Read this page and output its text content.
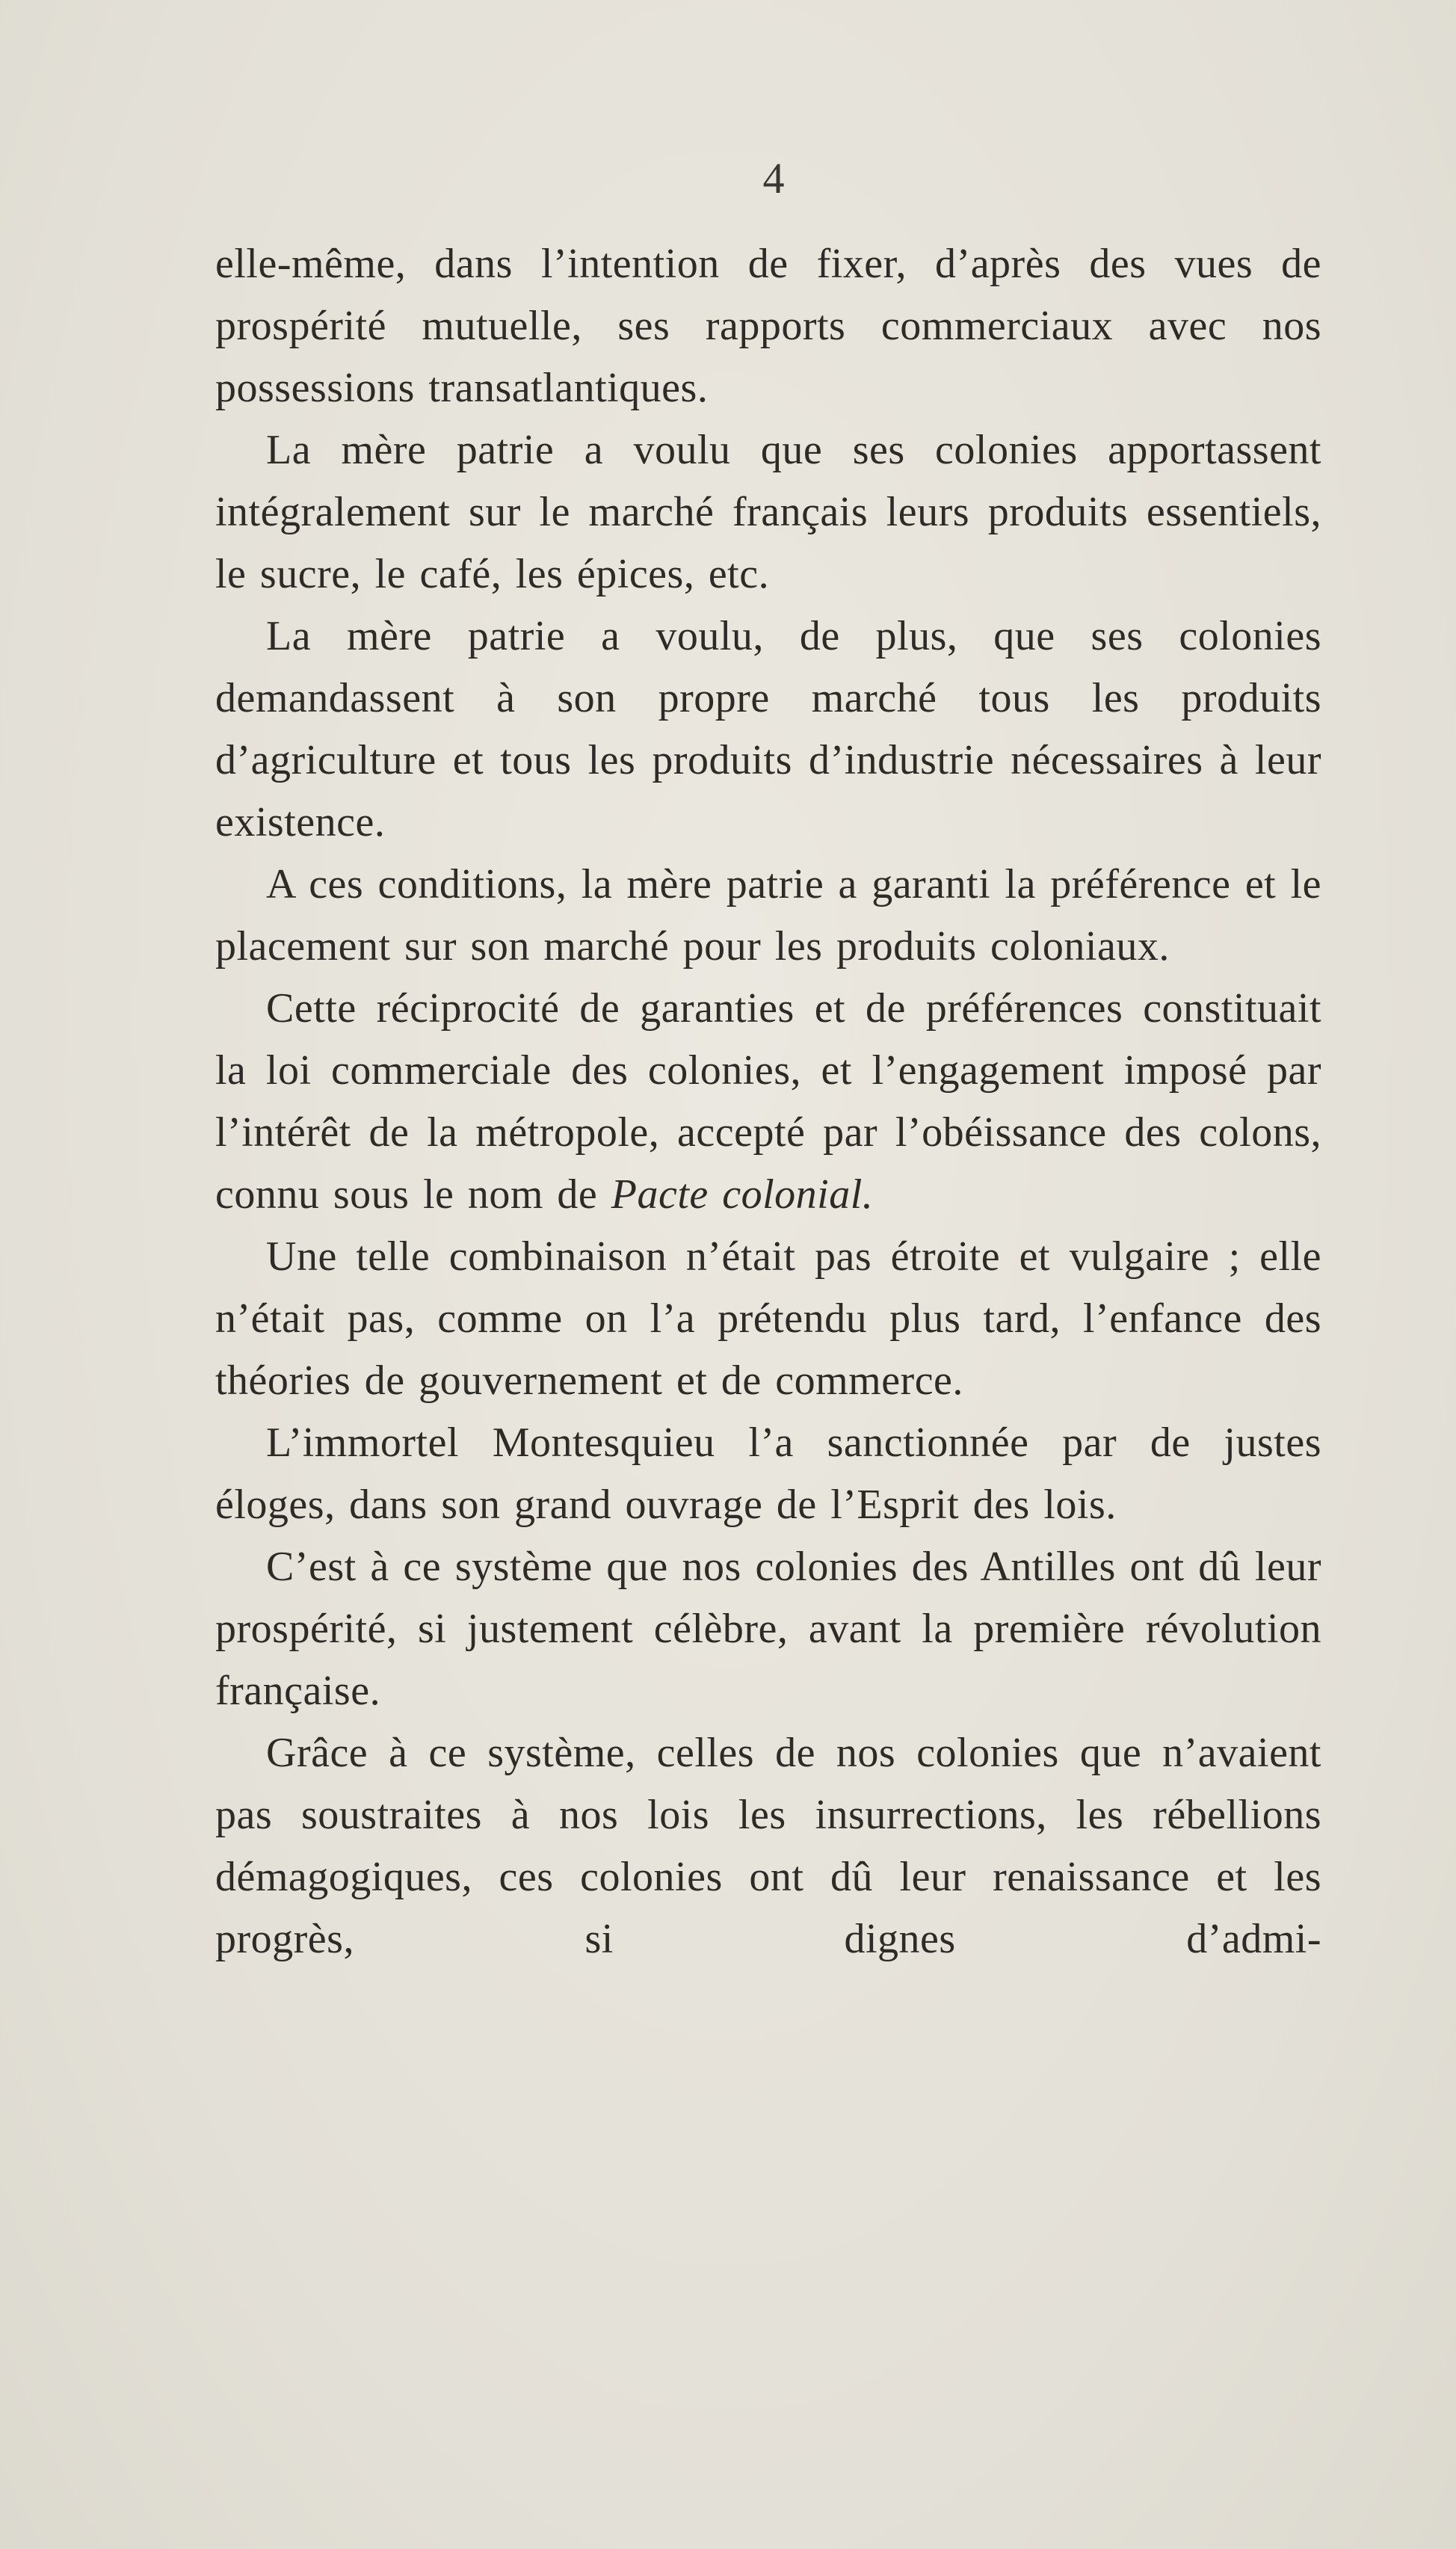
4

elle-même, dans l’intention de fixer, d’après des vues de prospérité mutuelle, ses rapports commerciaux avec nos possessions transatlantiques.

La mère patrie a voulu que ses colonies apportassent intégralement sur le marché français leurs produits essentiels, le sucre, le café, les épices, etc.

La mère patrie a voulu, de plus, que ses colonies demandassent à son propre marché tous les produits d’agriculture et tous les produits d’industrie nécessaires à leur existence.

A ces conditions, la mère patrie a garanti la préférence et le placement sur son marché pour les produits coloniaux.

Cette réciprocité de garanties et de préférences constituait la loi commerciale des colonies, et l’engagement imposé par l’intérêt de la métropole, accepté par l’obéissance des colons, connu sous le nom de Pacte colonial.

Une telle combinaison n’était pas étroite et vulgaire ; elle n’était pas, comme on l’a prétendu plus tard, l’enfance des théories de gouvernement et de commerce.

L’immortel Montesquieu l’a sanctionnée par de justes éloges, dans son grand ouvrage de l’Esprit des lois.

C’est à ce système que nos colonies des Antilles ont dû leur prospérité, si justement célèbre, avant la première révolution française.

Grâce à ce système, celles de nos colonies que n’avaient pas soustraites à nos lois les insurrections, les rébellions démagogiques, ces colonies ont dû leur renaissance et les progrès, si dignes d’admi-
